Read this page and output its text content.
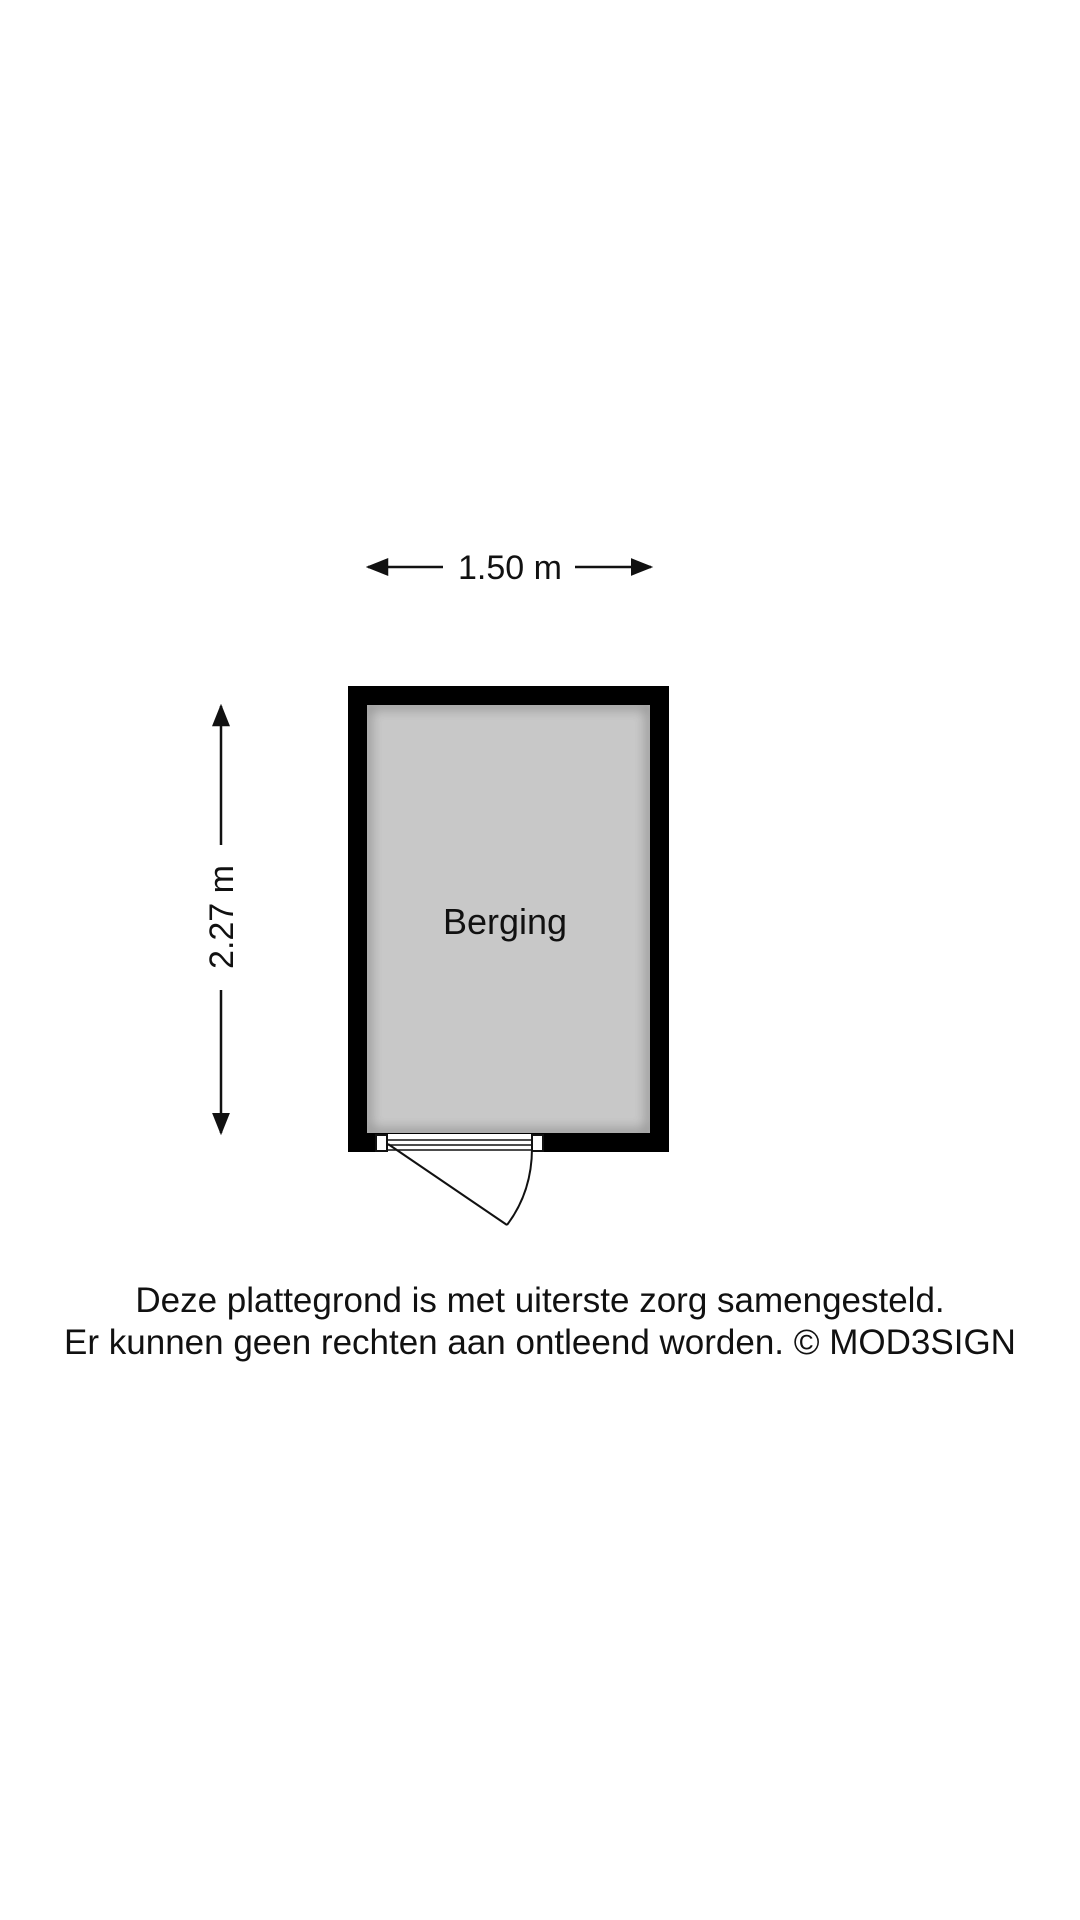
1.50 m
2.27 m	Berging
Deze plattegrond is met uiterste zorg samengesteld.
Er kunnen geen rechten aan ontleend worden. © MOD3SIGN
